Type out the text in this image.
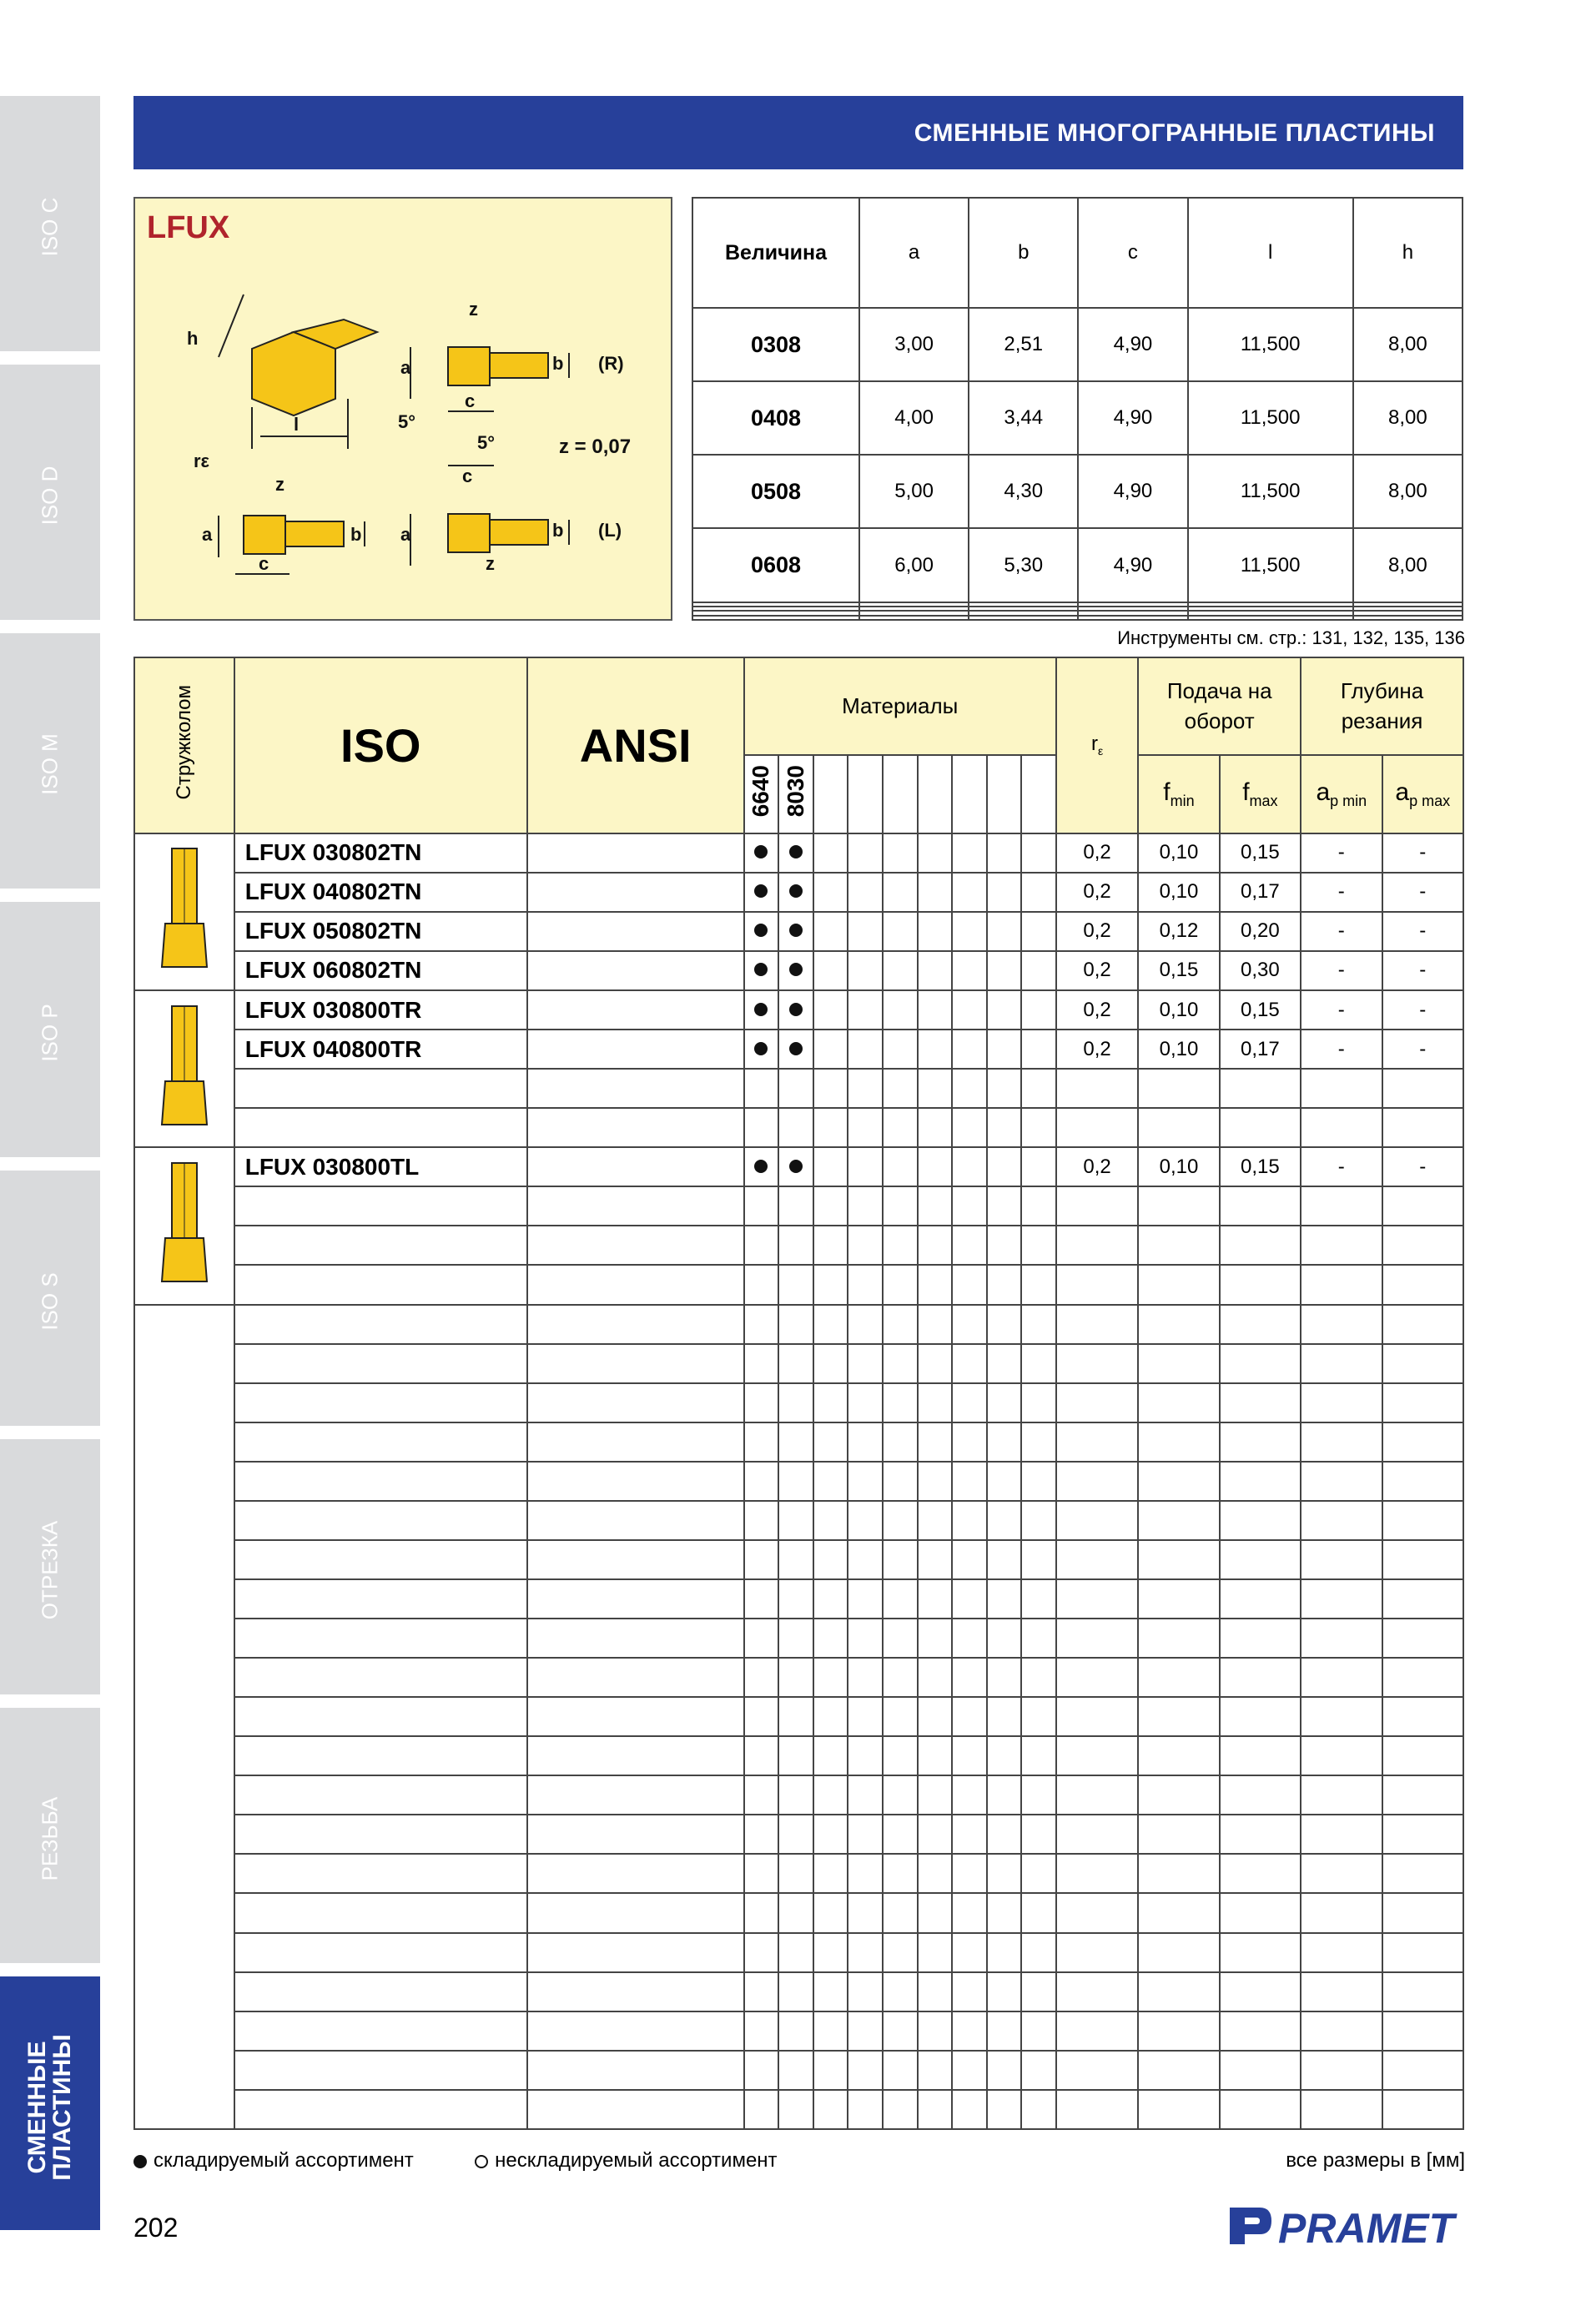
ISO C
ISO D
ISO M
ISO P
ISO S
ОТРЕЗКА
РЕЗЬБА
СМЕННЫЕ ПЛАСТИНЫ
СМЕННЫЕ МНОГОГРАННЫЕ ПЛАСТИНЫ
LFUX
h
l
a	b
c
z
rε
5°
5°	z = 0,07
(R)
(L)
a	b
c
z
a	b
c
z
Величина	a	b	c	l	h
0308	3,00	2,51	4,90	11,500	8,00
0408	4,00	3,44	4,90	11,500	8,00
0508	5,00	4,30	4,90	11,500	8,00
0608	6,00	5,30	4,90	11,500	8,00

Инструменты см. стр.: 131, 132, 135, 136
Стружколом	ISO	ANSI	Материалы									$r_\varepsilon$	Подача на оборот		Глубина резания	
			6640	8030									$f_{min}$	$f_{max}$	$a_{p min}$	$a_{p max}$
	LFUX 030802TN											0,2	0,10	0,15	-	-
	LFUX 040802TN											0,2	0,10	0,17	-	-
	LFUX 050802TN											0,2	0,12	0,20	-	-
	LFUX 060802TN											0,2	0,15	0,30	-	-
	LFUX 030800TR											0,2	0,10	0,15	-	-
	LFUX 040800TR											0,2	0,10	0,17	-	-

	LFUX 030800TL											0,2	0,10	0,15	-	-

складируемый ассортимент	нескладируемый ассортимент	все размеры в [мм]
202	PRAMET
